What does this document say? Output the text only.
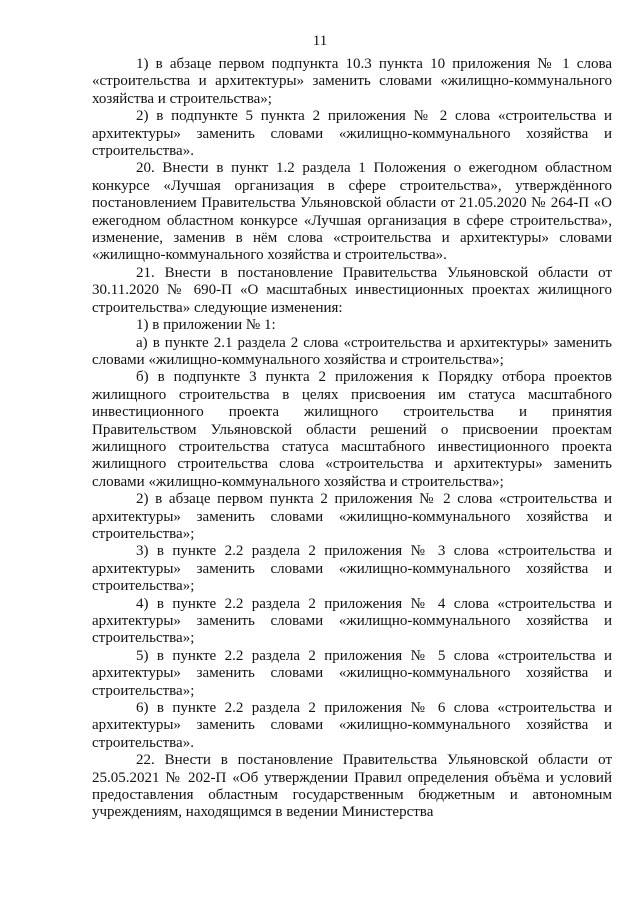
11

1) в абзаце первом подпункта 10.3 пункта 10 приложения № 1 слова «строительства и архитектуры» заменить словами «жилищно-коммунального хозяйства и строительства»;

2) в подпункте 5 пункта 2 приложения № 2 слова «строительства и архитектуры» заменить словами «жилищно-коммунального хозяйства и строительства».

20. Внести в пункт 1.2 раздела 1 Положения о ежегодном областном конкурсе «Лучшая организация в сфере строительства», утверждённого постановлением Правительства Ульяновской области от 21.05.2020 № 264-П «О ежегодном областном конкурсе «Лучшая организация в сфере строительства», изменение, заменив в нём слова «строительства и архитектуры» словами «жилищно-коммунального хозяйства и строительства».

21. Внести в постановление Правительства Ульяновской области от 30.11.2020 № 690-П «О масштабных инвестиционных проектах жилищного строительства» следующие изменения:

1) в приложении № 1:

а) в пункте 2.1 раздела 2 слова «строительства и архитектуры» заменить словами «жилищно-коммунального хозяйства и строительства»;

б) в подпункте 3 пункта 2 приложения к Порядку отбора проектов жилищного строительства в целях присвоения им статуса масштабного инвестиционного проекта жилищного строительства и принятия Правительством Ульяновской области решений о присвоении проектам жилищного строительства статуса масштабного инвестиционного проекта жилищного строительства слова «строительства и архитектуры» заменить словами «жилищно-коммунального хозяйства и строительства»;

2) в абзаце первом пункта 2 приложения № 2 слова «строительства и архитектуры» заменить словами «жилищно-коммунального хозяйства и строительства»;

3) в пункте 2.2 раздела 2 приложения № 3 слова «строительства и архитектуры» заменить словами «жилищно-коммунального хозяйства и строительства»;

4) в пункте 2.2 раздела 2 приложения № 4 слова «строительства и архитектуры» заменить словами «жилищно-коммунального хозяйства и строительства»;

5) в пункте 2.2 раздела 2 приложения № 5 слова «строительства и архитектуры» заменить словами «жилищно-коммунального хозяйства и строительства»;

6) в пункте 2.2 раздела 2 приложения № 6 слова «строительства и архитектуры» заменить словами «жилищно-коммунального хозяйства и строительства».

22. Внести в постановление Правительства Ульяновской области от 25.05.2021 № 202-П «Об утверждении Правил определения объёма и условий предоставления областным государственным бюджетным и автономным учреждениям, находящимся в ведении Министерства
